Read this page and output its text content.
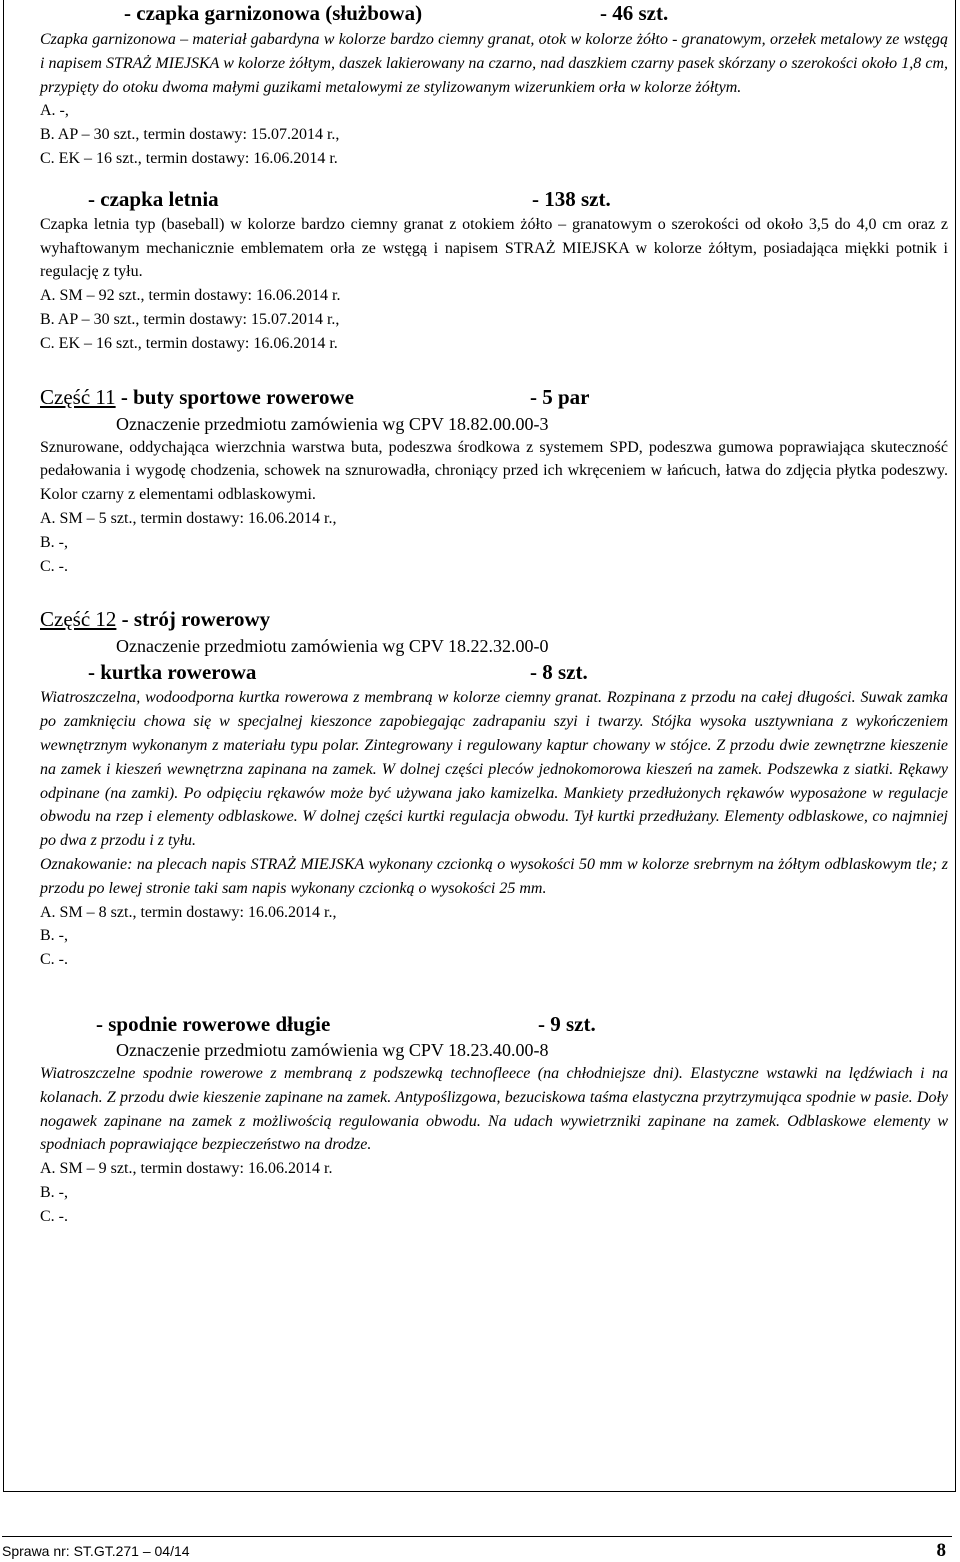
- czapka garnizonowa (służbowa)	- 46 szt.

Czapka garnizonowa – materiał gabardyna w kolorze bardzo ciemny granat, otok w kolorze żółto - granatowym, orzełek metalowy ze wstęgą i napisem STRAŻ MIEJSKA w kolorze żółtym, daszek lakierowany na czarno, nad daszkiem czarny pasek skórzany o szerokości około 1,8 cm, przypięty do otoku dwoma małymi guzikami metalowymi ze stylizowanym wizerunkiem orła w kolorze żółtym.

A. -,

B. AP – 30 szt., termin dostawy: 15.07.2014 r.,

C. EK – 16 szt., termin dostawy: 16.06.2014 r.

- czapka letnia	- 138 szt.

Czapka letnia typ (baseball) w kolorze bardzo ciemny granat z otokiem żółto – granatowym o szerokości od około 3,5 do 4,0 cm oraz z wyhaftowanym mechanicznie emblematem orła ze wstęgą i napisem STRAŻ MIEJSKA w kolorze żółtym, posiadająca miękki potnik i regulację z tyłu.

A. SM – 92 szt., termin dostawy: 16.06.2014 r.

B. AP – 30 szt., termin dostawy: 15.07.2014 r.,

C. EK – 16 szt., termin dostawy: 16.06.2014 r.

Część 11 - buty sportowe rowerowe	- 5 par

Oznaczenie przedmiotu zamówienia wg CPV 18.82.00.00-3

Sznurowane, oddychająca wierzchnia warstwa buta, podeszwa środkowa z systemem SPD, podeszwa gumowa poprawiająca skuteczność pedałowania i wygodę chodzenia, schowek na sznurowadła, chroniący przed ich wkręceniem w łańcuch, łatwa do zdjęcia płytka podeszwy. Kolor czarny z elementami odblaskowymi.

A. SM – 5 szt., termin dostawy: 16.06.2014 r.,

B. -,

C. -.

Część 12 - strój rowerowy

Oznaczenie przedmiotu zamówienia wg CPV 18.22.32.00-0

- kurtka rowerowa	- 8 szt.

Wiatroszczelna, wodoodporna kurtka rowerowa z membraną w kolorze ciemny granat. Rozpinana z przodu na całej długości. Suwak zamka po zamknięciu chowa się w specjalnej kieszonce zapobiegając zadrapaniu szyi i twarzy. Stójka wysoka usztywniana z wykończeniem wewnętrznym wykonanym z materiału typu polar. Zintegrowany i regulowany kaptur chowany w stójce. Z przodu dwie zewnętrzne kieszenie na zamek i kieszeń wewnętrzna zapinana na zamek. W dolnej części pleców jednokomorowa kieszeń na zamek. Podszewka z siatki. Rękawy odpinane (na zamki). Po odpięciu rękawów może być używana jako kamizelka. Mankiety przedłużonych rękawów wyposażone w regulacje obwodu na rzep i elementy odblaskowe. W dolnej części kurtki regulacja obwodu. Tył kurtki przedłużany. Elementy odblaskowe, co najmniej po dwa z przodu i z tyłu.

Oznakowanie: na plecach napis STRAŻ MIEJSKA wykonany czcionką o wysokości 50 mm w kolorze srebrnym na żółtym odblaskowym tle; z przodu po lewej stronie taki sam napis wykonany czcionką o wysokości 25 mm.

A. SM – 8 szt., termin dostawy: 16.06.2014 r.,

B. -,

C. -.

- spodnie rowerowe długie	- 9 szt.

Oznaczenie przedmiotu zamówienia wg CPV 18.23.40.00-8

Wiatroszczelne spodnie rowerowe z membraną z podszewką technofleece (na chłodniejsze dni). Elastyczne wstawki na lędźwiach i na kolanach. Z przodu dwie kieszenie zapinane na zamek. Antypoślizgowa, bezuciskowa taśma elastyczna przytrzymująca spodnie w pasie. Doły nogawek zapinane na zamek z możliwością regulowania obwodu. Na udach wywietrzniki zapinane na zamek. Odblaskowe elementy w spodniach poprawiające bezpieczeństwo na drodze.

A. SM – 9 szt., termin dostawy: 16.06.2014 r.

B. -,

C. -.

Sprawa nr: ST.GT.271 – 04/14	8
